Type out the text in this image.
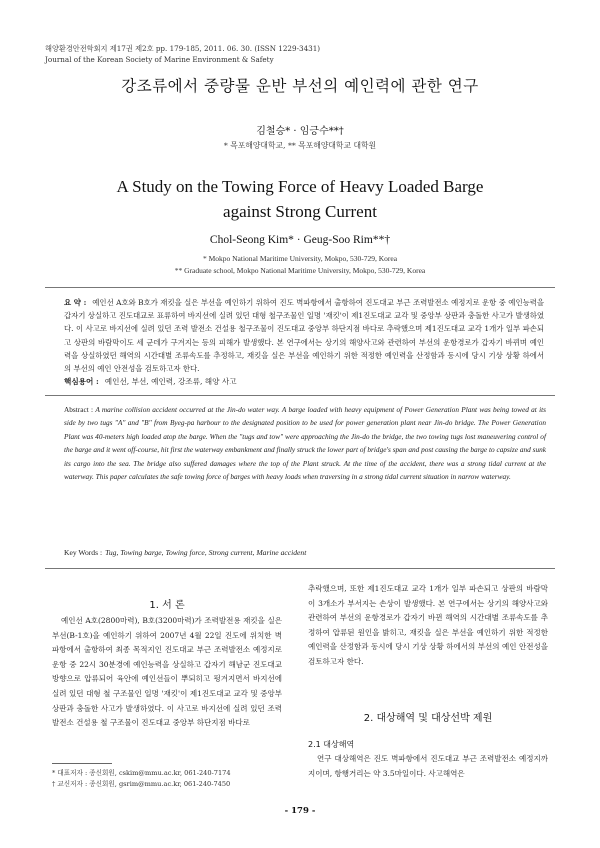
해양환경안전학회지 제17권 제2호 pp. 179-185, 2011. 06. 30. (ISSN 1229-3431)
Journal of the Korean Society of Marine Environment & Safety
강조류에서 중량물 운반 부선의 예인력에 관한 연구
김철승* · 임긍수**†
* 목포해양대학교, ** 목포해양대학교 대학원
A Study on the Towing Force of Heavy Loaded Barge
against Strong Current
Chol-Seong Kim* · Geug-Soo Rim**†
* Mokpo National Maritime University, Mokpo, 530-729, Korea
** Graduate school, Mokpo National Maritime University, Mokpo, 530-729, Korea
요 약 : 예인선 A호와 B호가 재킷을 실은 부선을 예인하기 위하여 진도 벽파항에서 출항하여 진도대교 부근 조력발전소 예정지로 운항 중 예인능력을 갑자기 상실하고 진도대교로 표류하여 바지선에 실려 있던 대형 철구조물인 일명 '재킷'이 제1진도대교 교각 및 중앙부 상판과 충돌한 사고가 발생하였다. 이 사고로 바지선에 실려 있던 조력 발전소 건설용 철구조물이 진도대교 중앙부 하단지점 바다로 추락했으며 제1진도대교 교각 1개가 일부 파손되고 상판의 바람막이도 세 군데가 구겨지는 등의 피해가 발생했다. 본 연구에서는 상기의 해양사고와 관련하여 부선의 운항경로가 갑자기 바뀌며 예인력을 상실하였던 해역의 시간대별 조류속도를 추정하고, 재킷을 실은 부선을 예인하기 위한 적정한 예인력을 산정함과 동시에 당시 기상 상황 하에서의 부선의 예인 안전성을 검토하고자 한다.
핵심용어 : 예인선, 부선, 예인력, 강조류, 해양 사고
Abstract : A marine collision accident occurred at the Jin-do water way. A barge loaded with heavy equipment of Power Generation Plant was being towed at its side by two tugs "A" and "B" from Byeg-pa harbour to the designated position to be used for power generation plant near Jin-do bridge. The Power Generation Plant was 40-meters high loaded atop the barge. When the "tugs and tow" were approaching the Jin-do the bridge, the two towing tugs lost maneuvering control of the barge and it went off-course, hit first the waterway embankment and finally struck the lower part of bridge's span and post causing the barge to capsize and sunk its cargo into the sea. The bridge also suffered damages where the top of the Plant struck. At the time of the accident, there was a strong tidal current at the waterway. This paper calculates the safe towing force of barges with heavy loads when traversing in a strong tidal current situation in narrow waterway.
Key Words : Tug, Towing barge, Towing force, Strong current, Marine accident
1. 서 론
예인선 A호(2800마력), B호(3200마력)가 조력발전용 재킷을 실은 부선(B-1호)을 예인하기 위하여 2007년 4월 22일 진도에 위치한 벽파항에서 출항하여 최종 목적지인 진도대교 부근 조력발전소 예정지로 운항 중 22시 30분경에 예인능력을 상실하고 갑자기 해남군 진도대교방향으로 압류되어 육안에 예인선들이 뿌되히고 펑겨지면서 바지선에 실려 있던 대형 철 구조물인 일명 '재킷'이 제1진도대교 교각 및 중앙부 상판과 충돌한 사고가 발생하였다. 이 사고로 바지선에 실려 있던 조력 발전소 건설용 철 구조물이 진도대교 중앙부 하단지점 바다로
* 대표저자 : 종신회원, cskim@mmu.ac.kr, 061-240-7174
† 교신저자 : 종신회원, gsrim@mmu.ac.kr, 061-240-7450
추락했으며, 또한 제1진도대교 교각 1개가 일부 파손되고 상판의 바람막이 3개소가 부서지는 손상이 발생했다. 본 연구에서는 상기의 해양사고와 관련하여 부선의 운항경로가 갑자기 바뀐 해역의 시간대별 조류속도를 추정하여 압류된 원인을 밝히고, 재킷을 실은 부선을 예인하기 위한 적정한 예인력을 산정함과 동시에 당시 기상 상황 하에서의 부선의 예인 안전성을 검토하고자 한다.
2. 대상해역 및 대상선박 제원
2.1 대상해역
연구 대상해역은 진도 벽파항에서 진도대교 부근 조력발전소 예정지까지이며, 항행거리는 약 3.5마일이다. 사고해역은
- 179 -
